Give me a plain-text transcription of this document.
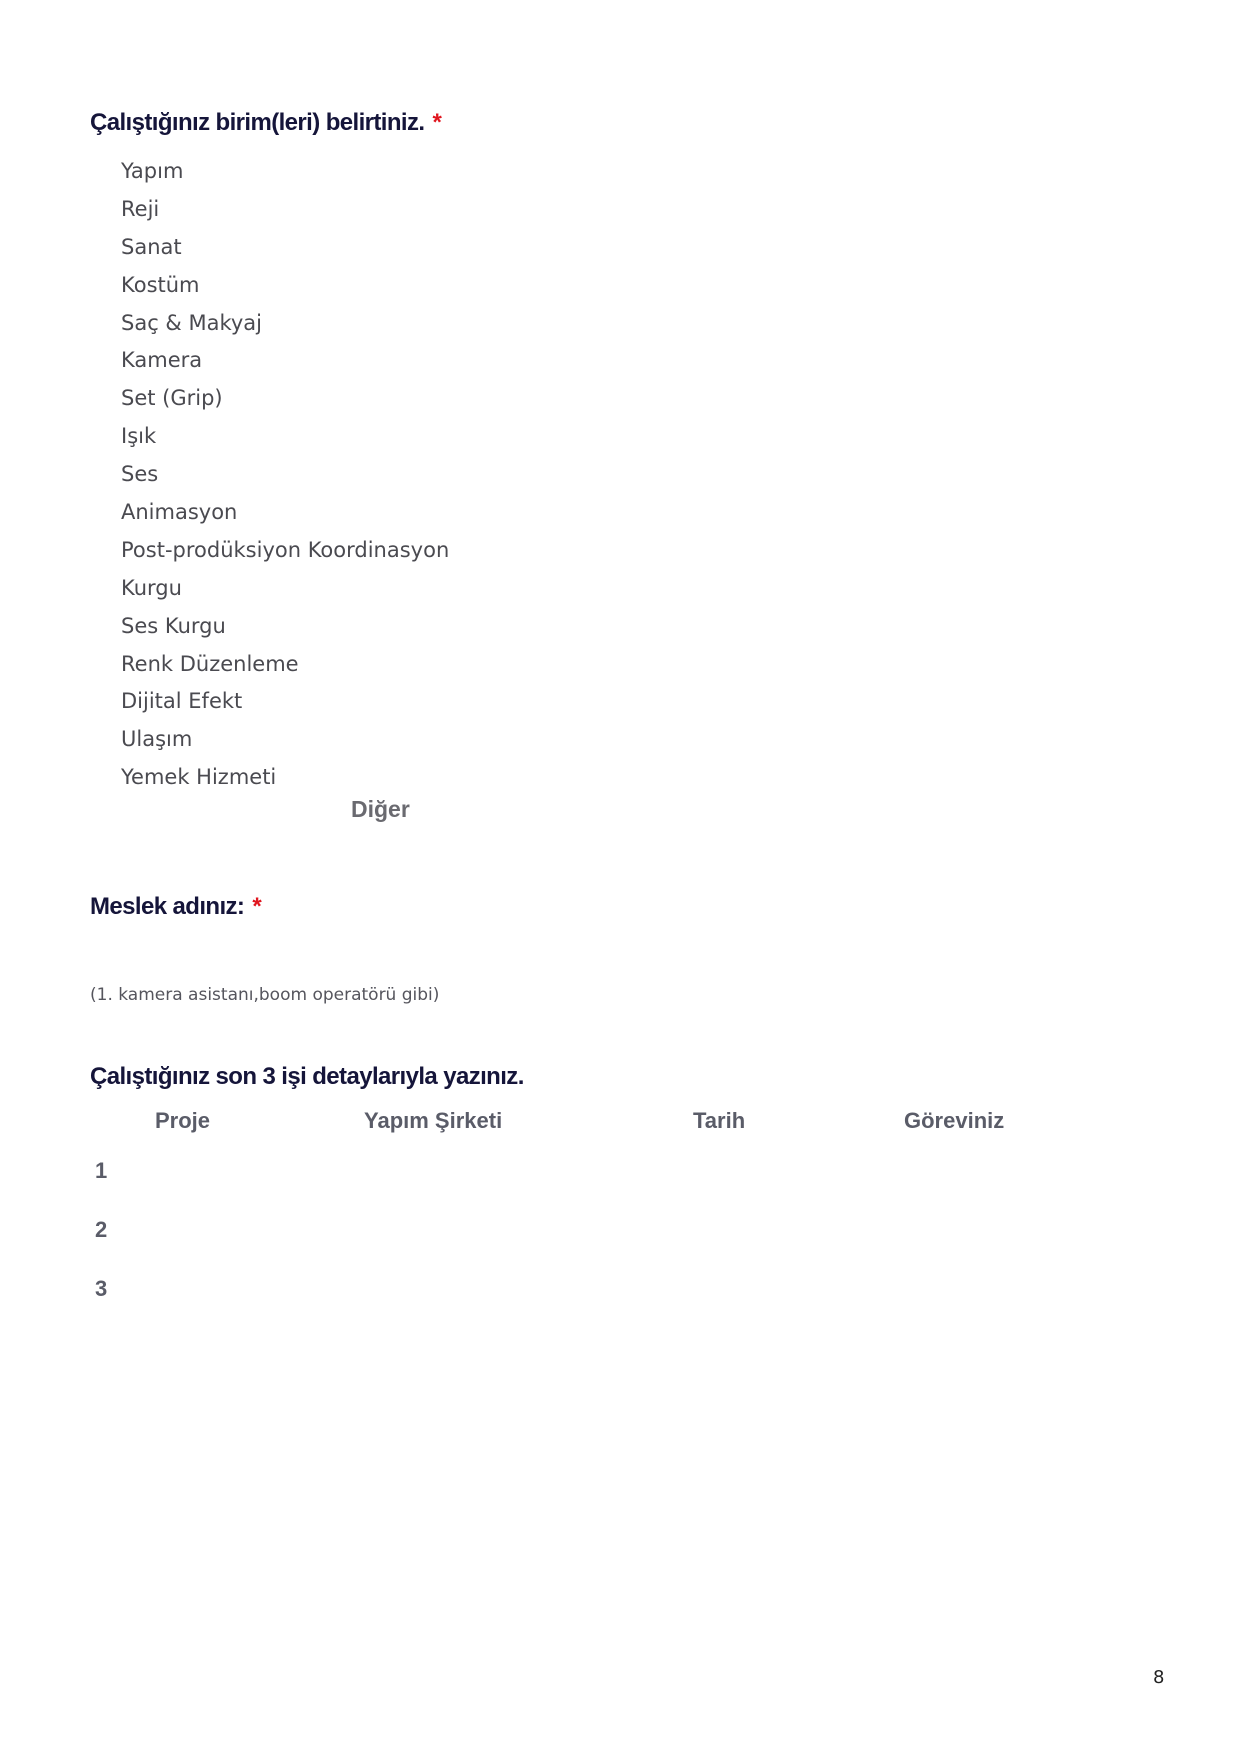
Çalıştığınız birim(leri) belirtiniz. *
Yapım
Reji
Sanat
Kostüm
Saç & Makyaj
Kamera
Set (Grip)
Işık
Ses
Animasyon
Post-prodüksiyon Koordinasyon
Kurgu
Ses Kurgu
Renk Düzenleme
Dijital Efekt
Ulaşım
Yemek Hizmeti
Diğer
Meslek adınız: *
(1. kamera asistanı,boom operatörü gibi)
Çalıştığınız son 3 işi detaylarıyla yazınız.
Proje	Yapım Şirketi	Tarih	Göreviniz
1
2
3
8
